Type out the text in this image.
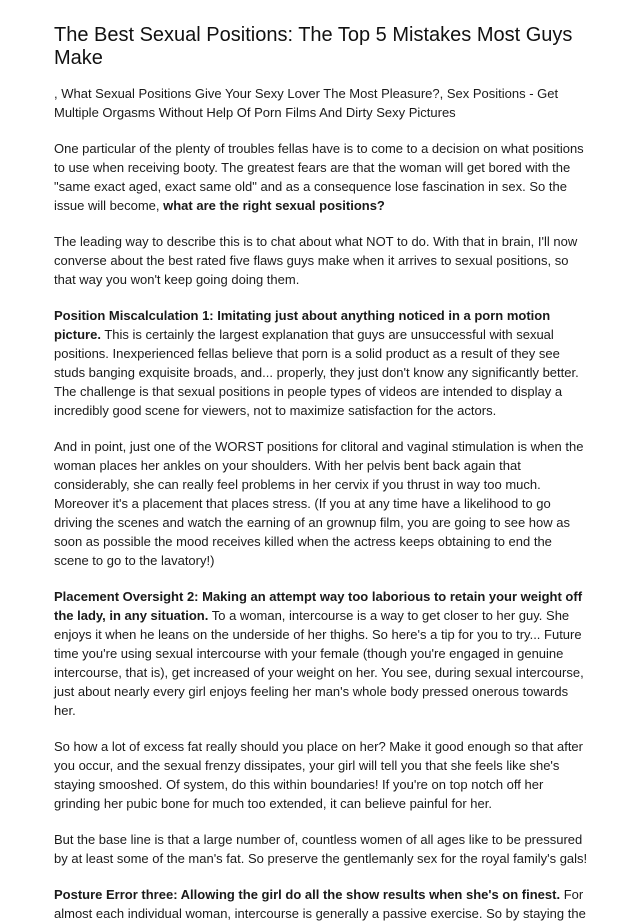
The Best Sexual Positions: The Top 5 Mistakes Most Guys Make

, What Sexual Positions Give Your Sexy Lover The Most Pleasure?, Sex Positions - Get Multiple Orgasms Without Help Of Porn Films And Dirty Sexy Pictures

One particular of the plenty of troubles fellas have is to come to a decision on what positions to use when receiving booty. The greatest fears are that the woman will get bored with the "same exact aged, exact same old" and as a consequence lose fascination in sex. So the issue will become, what are the right sexual positions?

The leading way to describe this is to chat about what NOT to do. With that in brain, I'll now converse about the best rated five flaws guys make when it arrives to sexual positions, so that way you won't keep going doing them.

Position Miscalculation 1: Imitating just about anything noticed in a porn motion picture. This is certainly the largest explanation that guys are unsuccessful with sexual positions. Inexperienced fellas believe that porn is a solid product as a result of they see studs banging exquisite broads, and... properly, they just don't know any significantly better. The challenge is that sexual positions in people types of videos are intended to display a incredibly good scene for viewers, not to maximize satisfaction for the actors.

And in point, just one of the WORST positions for clitoral and vaginal stimulation is when the woman places her ankles on your shoulders. With her pelvis bent back again that considerably, she can really feel problems in her cervix if you thrust in way too much. Moreover it's a placement that places stress. (If you at any time have a likelihood to go driving the scenes and watch the earning of an grownup film, you are going to see how as soon as possible the mood receives killed when the actress keeps obtaining to end the scene to go to the lavatory!)

Placement Oversight 2: Making an attempt way too laborious to retain your weight off the lady, in any situation. To a woman, intercourse is a way to get closer to her guy. She enjoys it when he leans on the underside of her thighs. So here's a tip for you to try... Future time you're using sexual intercourse with your female (though you're engaged in genuine intercourse, that is), get increased of your weight on her. You see, during sexual intercourse, just about nearly every girl enjoys feeling her man's whole body pressed onerous towards her.

So how a lot of excess fat really should you place on her? Make it good enough so that after you occur, and the sexual frenzy dissipates, your girl will tell you that she feels like she's staying smooshed. Of system, do this within boundaries! If you're on top notch off her grinding her pubic bone for much too extended, it can believe painful for her.

But the base line is that a large number of, countless women of all ages like to be pressured by at least some of the man's fat. So preserve the gentlemanly sex for the royal family's gals!

Posture Error three: Allowing the girl do all the show results when she's on finest. For almost each individual woman, intercourse is generally a passive exercise. So by staying the
